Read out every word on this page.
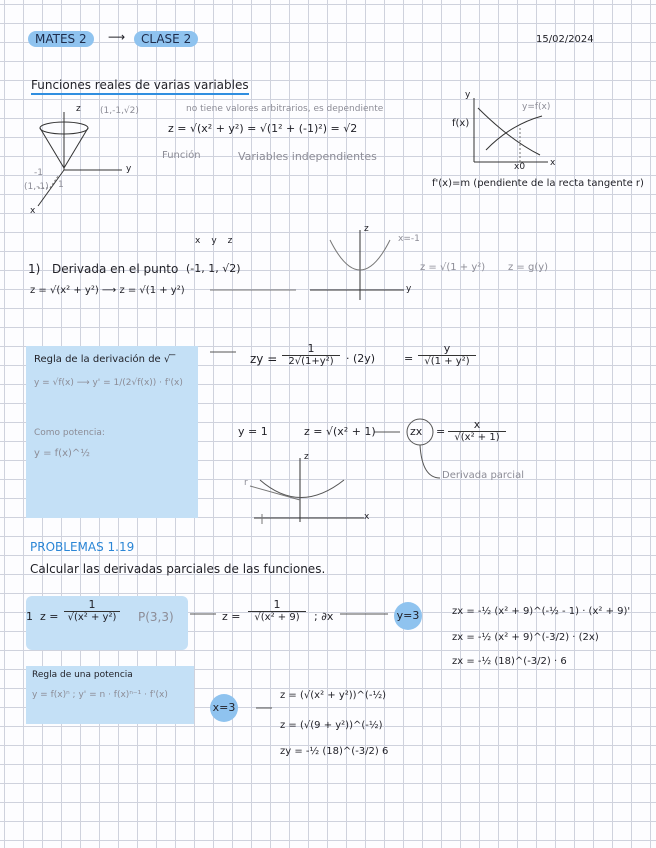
MATES 2	⟶	CLASE 2	15/02/2024
Funciones reales de varias variables
z (1,-1,√2)
y
x
(1,-1)
-1
1
no tiene valores arbitrarios, es dependiente
z = √(x² + y²) = √(1² + (-1)²) = √2
Función	Variables independientes
y
f(x)
y=f(x)
x0	x
f'(x)=m (pendiente de la recta tangente r)
1) Derivada en el punto
xyz
(-1, 1, √2)
z = √(x² + y²) ⟶ z = √(1 + y²)
x=-1
z
y
z = √(1 + y²) z = g(y)
Regla de la derivación de √‾
y = √f(x) ⟶ y' = 1/(2√f(x)) · f'(x)
Como potencia:
y = f(x)^½
zy = $\frac{1}{\text{2√(1+y²)}} \cdot (2y)$	= $\frac{y}{\text{√(1 + y²)}}$
y = 1	z = √(x² + 1)	zx = $\frac{x}{\text{√(x² + 1)}}$
Derivada parcial
z
x
r
PROBLEMAS 1.19
Calcular las derivadas parciales de las funciones.
1 $z = \frac{1}{\text{√(x² + y²)}} P(3,3)$	$z = \frac{1}{\text{√(x² + 9)}}$ ; ∂x	y=3	zx = -½ (x² + 9)^(-½ - 1) · (x² + 9)'
zx = -½ (x² + 9)^(-3/2) · (2x)
zx = -½ (18)^(-3/2) · 6
Regla de una potencia
y = f(x)ⁿ ; y' = n · f(x)ⁿ⁻¹ · f'(x)
x=3
z = (√(x² + y²))^(-½)
z = (√(9 + y²))^(-½)
zy = -½ (18)^(-3/2) 6
